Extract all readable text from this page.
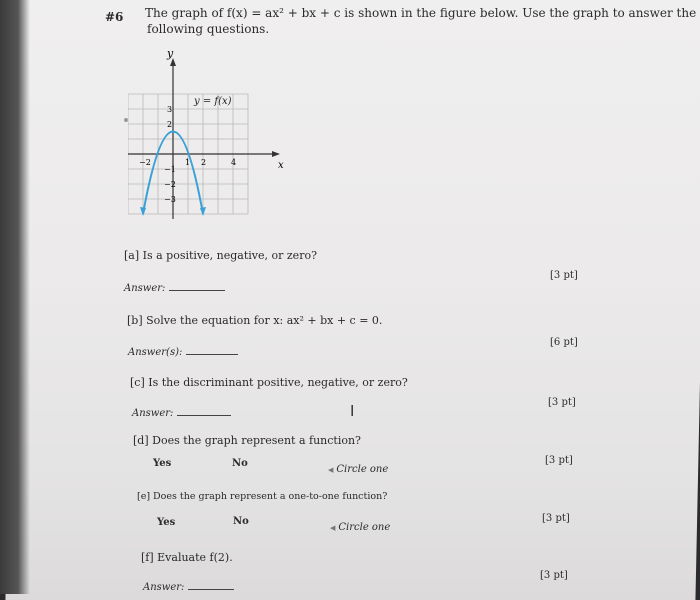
#6 The graph of f(x) = ax² + bx + c is shown in the figure below. Use the graph to answer the
following questions.
y
x
y = f(x)
−2	1 2	4
3
2
−1
−2
−3
[a] Is a positive, negative, or zero?
Answer:
[3 pt]
[b] Solve the equation for x: ax² + bx + c = 0.
Answer(s):
[6 pt]
[c] Is the discriminant positive, negative, or zero?
Answer:
[3 pt]
I
[d] Does the graph represent a function?
Yes	No
◀ Circle one
[3 pt]
[e] Does the graph represent a one-to-one function?
Yes	No
◀ Circle one
[3 pt]
[f] Evaluate f(2).
Answer:
[3 pt]
